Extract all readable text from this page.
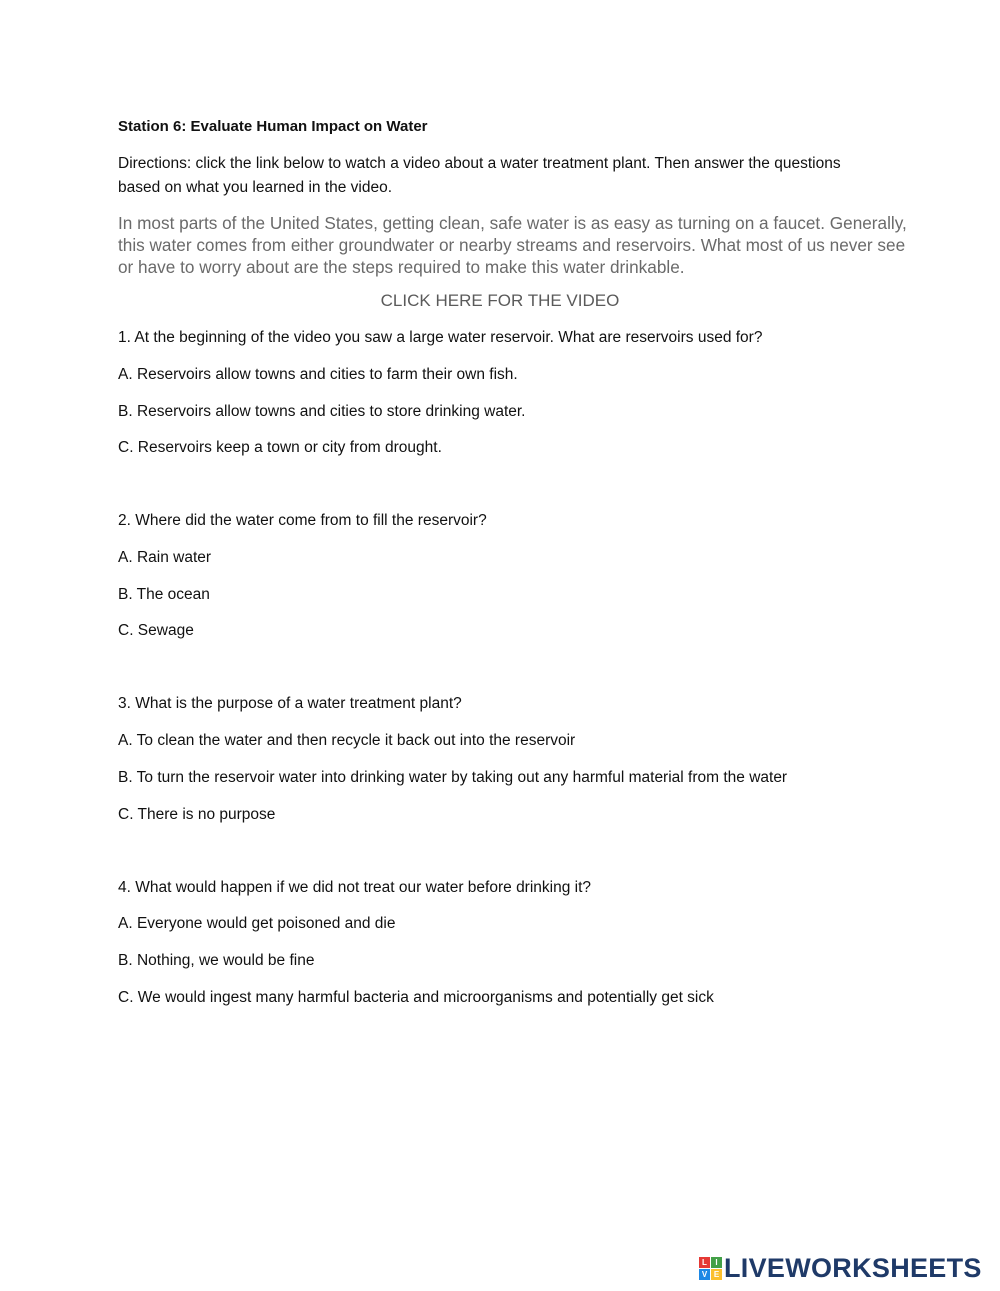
Station 6: Evaluate Human Impact on Water
Directions: click the link below to watch a video about a water treatment plant. Then answer the questions based on what you learned in the video.
In most parts of the United States, getting clean, safe water is as easy as turning on a faucet. Generally, this water comes from either groundwater or nearby streams and reservoirs. What most of us never see or have to worry about are the steps required to make this water drinkable.
CLICK HERE FOR THE VIDEO
1. At the beginning of the video you saw a large water reservoir. What are reservoirs used for?
A. Reservoirs allow towns and cities to farm their own fish.
B. Reservoirs allow towns and cities to store drinking water.
C. Reservoirs keep a town or city from drought.
2. Where did the water come from to fill the reservoir?
A. Rain water
B. The ocean
C. Sewage
3. What is the purpose of a water treatment plant?
A. To clean the water and then recycle it back out into the reservoir
B. To turn the reservoir water into drinking water by taking out any harmful material from the water
C. There is no purpose
4. What would happen if we did not treat our water before drinking it?
A. Everyone would get poisoned and die
B. Nothing, we would be fine
C. We would ingest many harmful bacteria and microorganisms and potentially get sick
L	I
V E LIVEWORKSHEETS
